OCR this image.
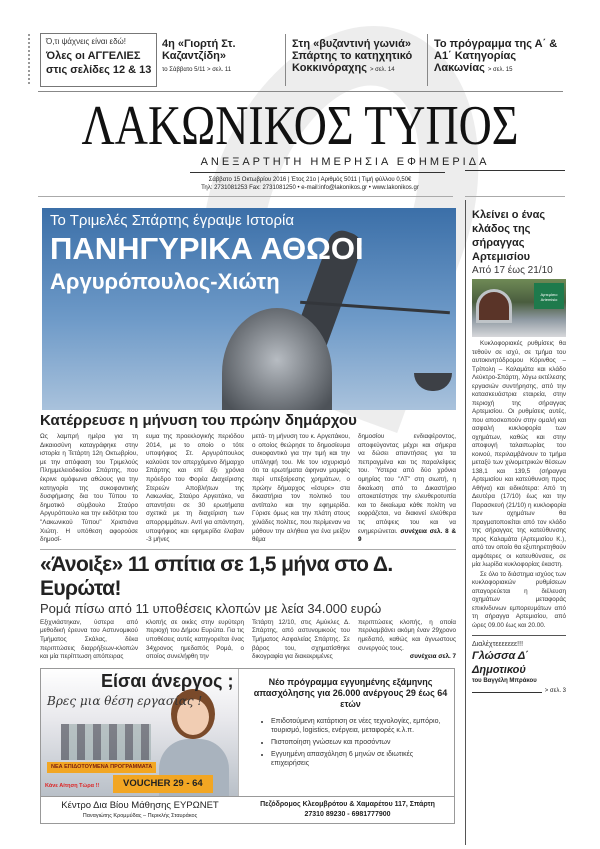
Ό,τι ψάχνεις είναι εδώ!
Όλες οι ΑΓΓΕΛΙΕΣ
στις σελίδες 12 & 13
4η «Γιορτή Στ. Καζαντζίδη»
το Σάββατο 5/11 > σελ. 11
Στη «βυζαντινή γωνιά» Σπάρτης το κατηχητικό Κοκκινόραχης > σελ. 14
Το πρόγραμμα της Α΄ & Α1΄ Κατηγορίας Λακωνίας > σελ. 15
ΛΑΚΩΝΙΚΟΣ ΤΥΠΟΣ
ΑΝΕΞΑΡΤΗΤΗ ΗΜΕΡΗΣΙΑ ΕΦΗΜΕΡΙΔΑ
Σάββατο 15 Οκτωβρίου 2016 | Έτος 21ο | Αριθμός 5011 | Τιμή φύλλου 0,50€
Τηλ: 2731081253 Fax: 2731081250 • e-mail:info@lakonikos.gr • www.lakonikos.gr
Το Τριμελές Σπάρτης έγραψε Ιστορία
ΠΑΝΗΓΥΡΙΚΑ ΑΘΩΟΙ
Αργυρόπουλος-Χιώτη
Κατέρρευσε η μήνυση του πρώην δημάρχου
Ως λαμπρή ημέρα για τη Δικαιοσύνη καταγράφηκε στην ιστορία η Τετάρτη 12η Οκτωβρίου, με την απόφαση του Τριμελούς Πλημμελειοδικείου Σπάρτης, που έκρινε ομόφωνα αθώους για την κατηγορία της συκοφαντικής δυσφήμισης δια του Τύπου το δημοτικό σύμβουλο Σταύρο Αργυρόπουλο και την εκδότρια του "Λακωνικού Τύπου" Χριστιάνα Χιώτη. Η υπόθεση αφορούσε δημοσί-
ευμα της προεκλογικής περιόδου 2014, με το οποίο ο τότε υποψήφιος Στ. Αργυρόπουλος καλούσε τον απερχόμενο δήμαρχο Σπάρτης και επί έξι χρόνια πρόεδρο του Φορέα Διαχείρισης Στερεών Αποβλήτων της Λακωνίας, Σταύρο Αργειτάκο, να απαντήσει σε 30 ερωτήματα σχετικά με τη διαχείριση των απορριμμάτων. Αντί για απάντηση, υποψήφιος και εφημερίδα έλαβαν -3 μήνες
μετά- τη μήνυση του κ. Αργειτάκου, ο οποίος θεώρησε το δημοσίευμα συκοφαντικό για την τιμή και την υπόληψή του. Με τον ισχυρισμό ότι τα ερωτήματα άφηναν μομφές περί υπεξαίρεσης χρημάτων, ο πρώην δήμαρχος «έσυρε» στα δικαστήρια τον πολιτικό του αντίπαλο και την εφημερίδα. Γύρισε όμως και την πλάτη στους χιλιάδες πολίτες, που περίμεναν να μάθουν την αλήθεια για ένα μείζον θέμα
δημοσίου ενδιαφέροντος, αποφεύγοντας μέχρι και σήμερα να δώσει απαντήσεις για τα πεπραγμένα και τις παραλείψεις του. Ύστερα από δύο χρόνια ομηρίας του "ΛΤ" στη σιωπή, η δικαίωση από το Δικαστήριο αποκατέστησε την ελευθεροτυπία και το δικαίωμα κάθε πολίτη να εκφράζεται, να διακινεί ελεύθερα τις απόψεις του και να ενημερώνεται. συνέχεια σελ. 8 & 9
«Άνοιξε» 11 σπίτια σε 1,5 μήνα στο Δ. Ευρώτα!
Ρομά πίσω από 11 υποθέσεις κλοπών με λεία 34.000 ευρώ
Εξιχνιάστηκαν, ύστερα από μεθοδική έρευνα του Αστυνομικού Τμήματος Σκάλας, δέκα περιπτώσεις διαρρήξεων-κλοπών και μία περίπτωση απόπειρας
κλοπής σε οικίες στην ευρύτερη περιοχή του Δήμου Ευρώτα. Για τις υποθέσεις αυτές κατηγορείται ένας 34χρονος ημεδαπός Ρομά, ο οποίος συνελήφθη την
Τετάρτη 12/10, στις Αμύκλες Δ. Σπάρτης, από αστυνομικούς του Τμήματος Ασφαλείας Σπάρτης. Σε βάρος του, σχηματίσθηκε δικογραφία για διακεκριμένες
περιπτώσεις κλοπής, η οποία περιλαμβάνει ακόμη έναν 29χρονο ημεδαπό, καθώς και άγνωστους συνεργούς τους.
συνέχεια σελ. 7
Είσαι άνεργος ;
Βρες μια θέση εργασίας !
ΝΕΑ ΕΠΙΔΟΤΟΥΜΕΝΑ ΠΡΟΓΡΑΜΜΑΤΑ
Κάνε Αίτηση Τώρα !!	VOUCHER 29 - 64
Νέο πρόγραμμα εγγυημένης εξάμηνης απασχόλησης για 26.000 ανέργους 29 έως 64 ετών
• Επιδοτούμενη κατάρτιση σε νέες τεχνολογίες, εμπόριο, τουρισμό, logistics, ενέργεια, μεταφορές κ.λ.π.
• Πιστοποίηση γνώσεων και προσόντων
• Εγγυημένη απασχόληση 6 μηνών σε ιδιωτικές επιχειρήσεις
Κέντρο Δια Βίου Μάθησης ΕΥΡΩΝΕΤ
Παναγιώτης Κρομμύδας – Περικλής Σταυράκος
Πεζόδρομος Κλεομβρότου & Χαμαρέτου 117, Σπάρτη
27310 89230 - 6981777900
Κλείνει ο ένας κλάδος της σήραγγας Αρτεμισίου
Από 17 έως 21/10
Αρτεμίσιο Artemisio
Κυκλοφοριακές ρυθμίσεις θα τεθούν σε ισχύ, σε τμήμα του αυτοκινητόδρομου Κόρινθος – Τρίπολη – Καλαμάτα και κλάδο Λεύκτρο-Σπάρτη, λόγω εκτέλεσης εργασιών συντήρησης, από την κατασκευάστρια εταιρεία, στην περιοχή της σήραγγας Αρτεμισίου. Οι ρυθμίσεις αυτές, που αποσκοπούν στην ομαλή και ασφαλή κυκλοφορία των οχημάτων, καθώς και στην αποφυγή ταλαιπωρίας του κοινού, περιλαμβάνουν το τμήμα μεταξύ των χιλιομετρικών θέσεων 138,1 και 139,5 (σήραγγα Αρτεμισίου και κατεύθυνση προς Αθήνα) και ειδικότερα: Από τη Δευτέρα (17/10) έως και την Παρασκευή (21/10) η κυκλοφορία των οχημάτων θα πραγματοποιείται από τον κλάδο της σήραγγας της κατεύθυνσης προς Καλαμάτα (Αρτεμισίου Κ.), από τον οποίο θα εξυπηρετηθούν αμφότερες οι κατευθύνσεις, σε μία λωρίδα κυκλοφορίας έκαστη.
Σε όλο το διάστημα ισχύος των κυκλοφοριακών ρυθμίσεων απαγορεύεται η διέλευση οχημάτων μεταφοράς επικίνδυνων εμπορευμάτων από τη σήραγγα Αρτεμισίου, από ώρες 09.00 έως και 20.00.
Διαλέχτεεεεεεε!!!
Γλώσσα Δ΄ Δημοτικού
του Βαγγέλη Μπράκου
> σελ. 3
